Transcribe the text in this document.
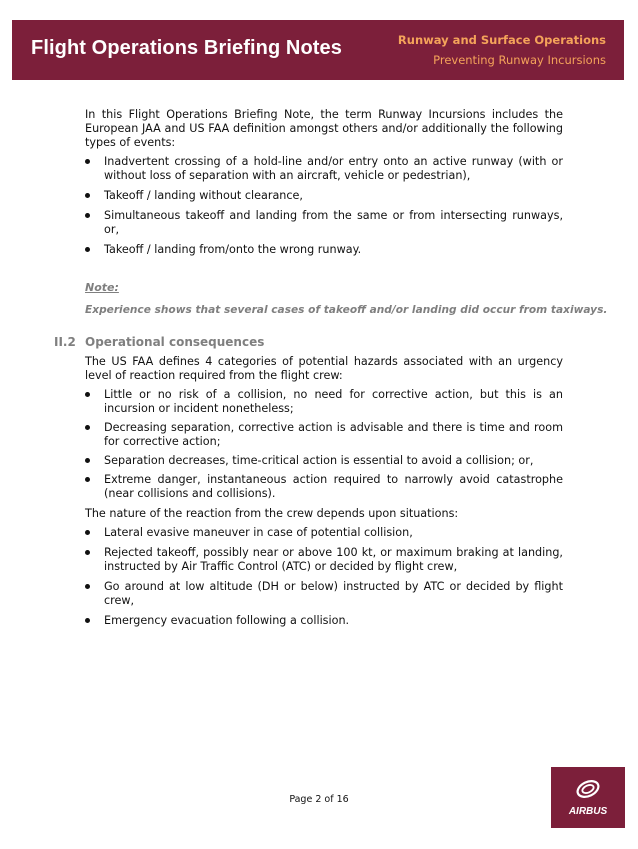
Flight Operations Briefing Notes	Runway and Surface Operations
Preventing Runway Incursions

In this Flight Operations Briefing Note, the term Runway Incursions includes the European JAA and US FAA definition amongst others and/or additionally the following types of events:

Inadvertent crossing of a hold-line and/or entry onto an active runway (with or without loss of separation with an aircraft, vehicle or pedestrian),
Takeoff / landing without clearance,
Simultaneous takeoff and landing from the same or from intersecting runways, or,
Takeoff / landing from/onto the wrong runway.
Note:
Experience shows that several cases of takeoff and/or landing did occur from taxiways.
II.2 Operational consequences

The US FAA defines 4 categories of potential hazards associated with an urgency level of reaction required from the flight crew:

Little or no risk of a collision, no need for corrective action, but this is an incursion or incident nonetheless;
Decreasing separation, corrective action is advisable and there is time and room for corrective action;
Separation decreases, time-critical action is essential to avoid a collision; or,
Extreme danger, instantaneous action required to narrowly avoid catastrophe (near collisions and collisions).

The nature of the reaction from the crew depends upon situations:

Lateral evasive maneuver in case of potential collision,
Rejected takeoff, possibly near or above 100 kt, or maximum braking at landing, instructed by Air Traffic Control (ATC) or decided by flight crew,
Go around at low altitude (DH or below) instructed by ATC or decided by flight crew,
Emergency evacuation following a collision.
Page 2 of 16
AIRBUS
